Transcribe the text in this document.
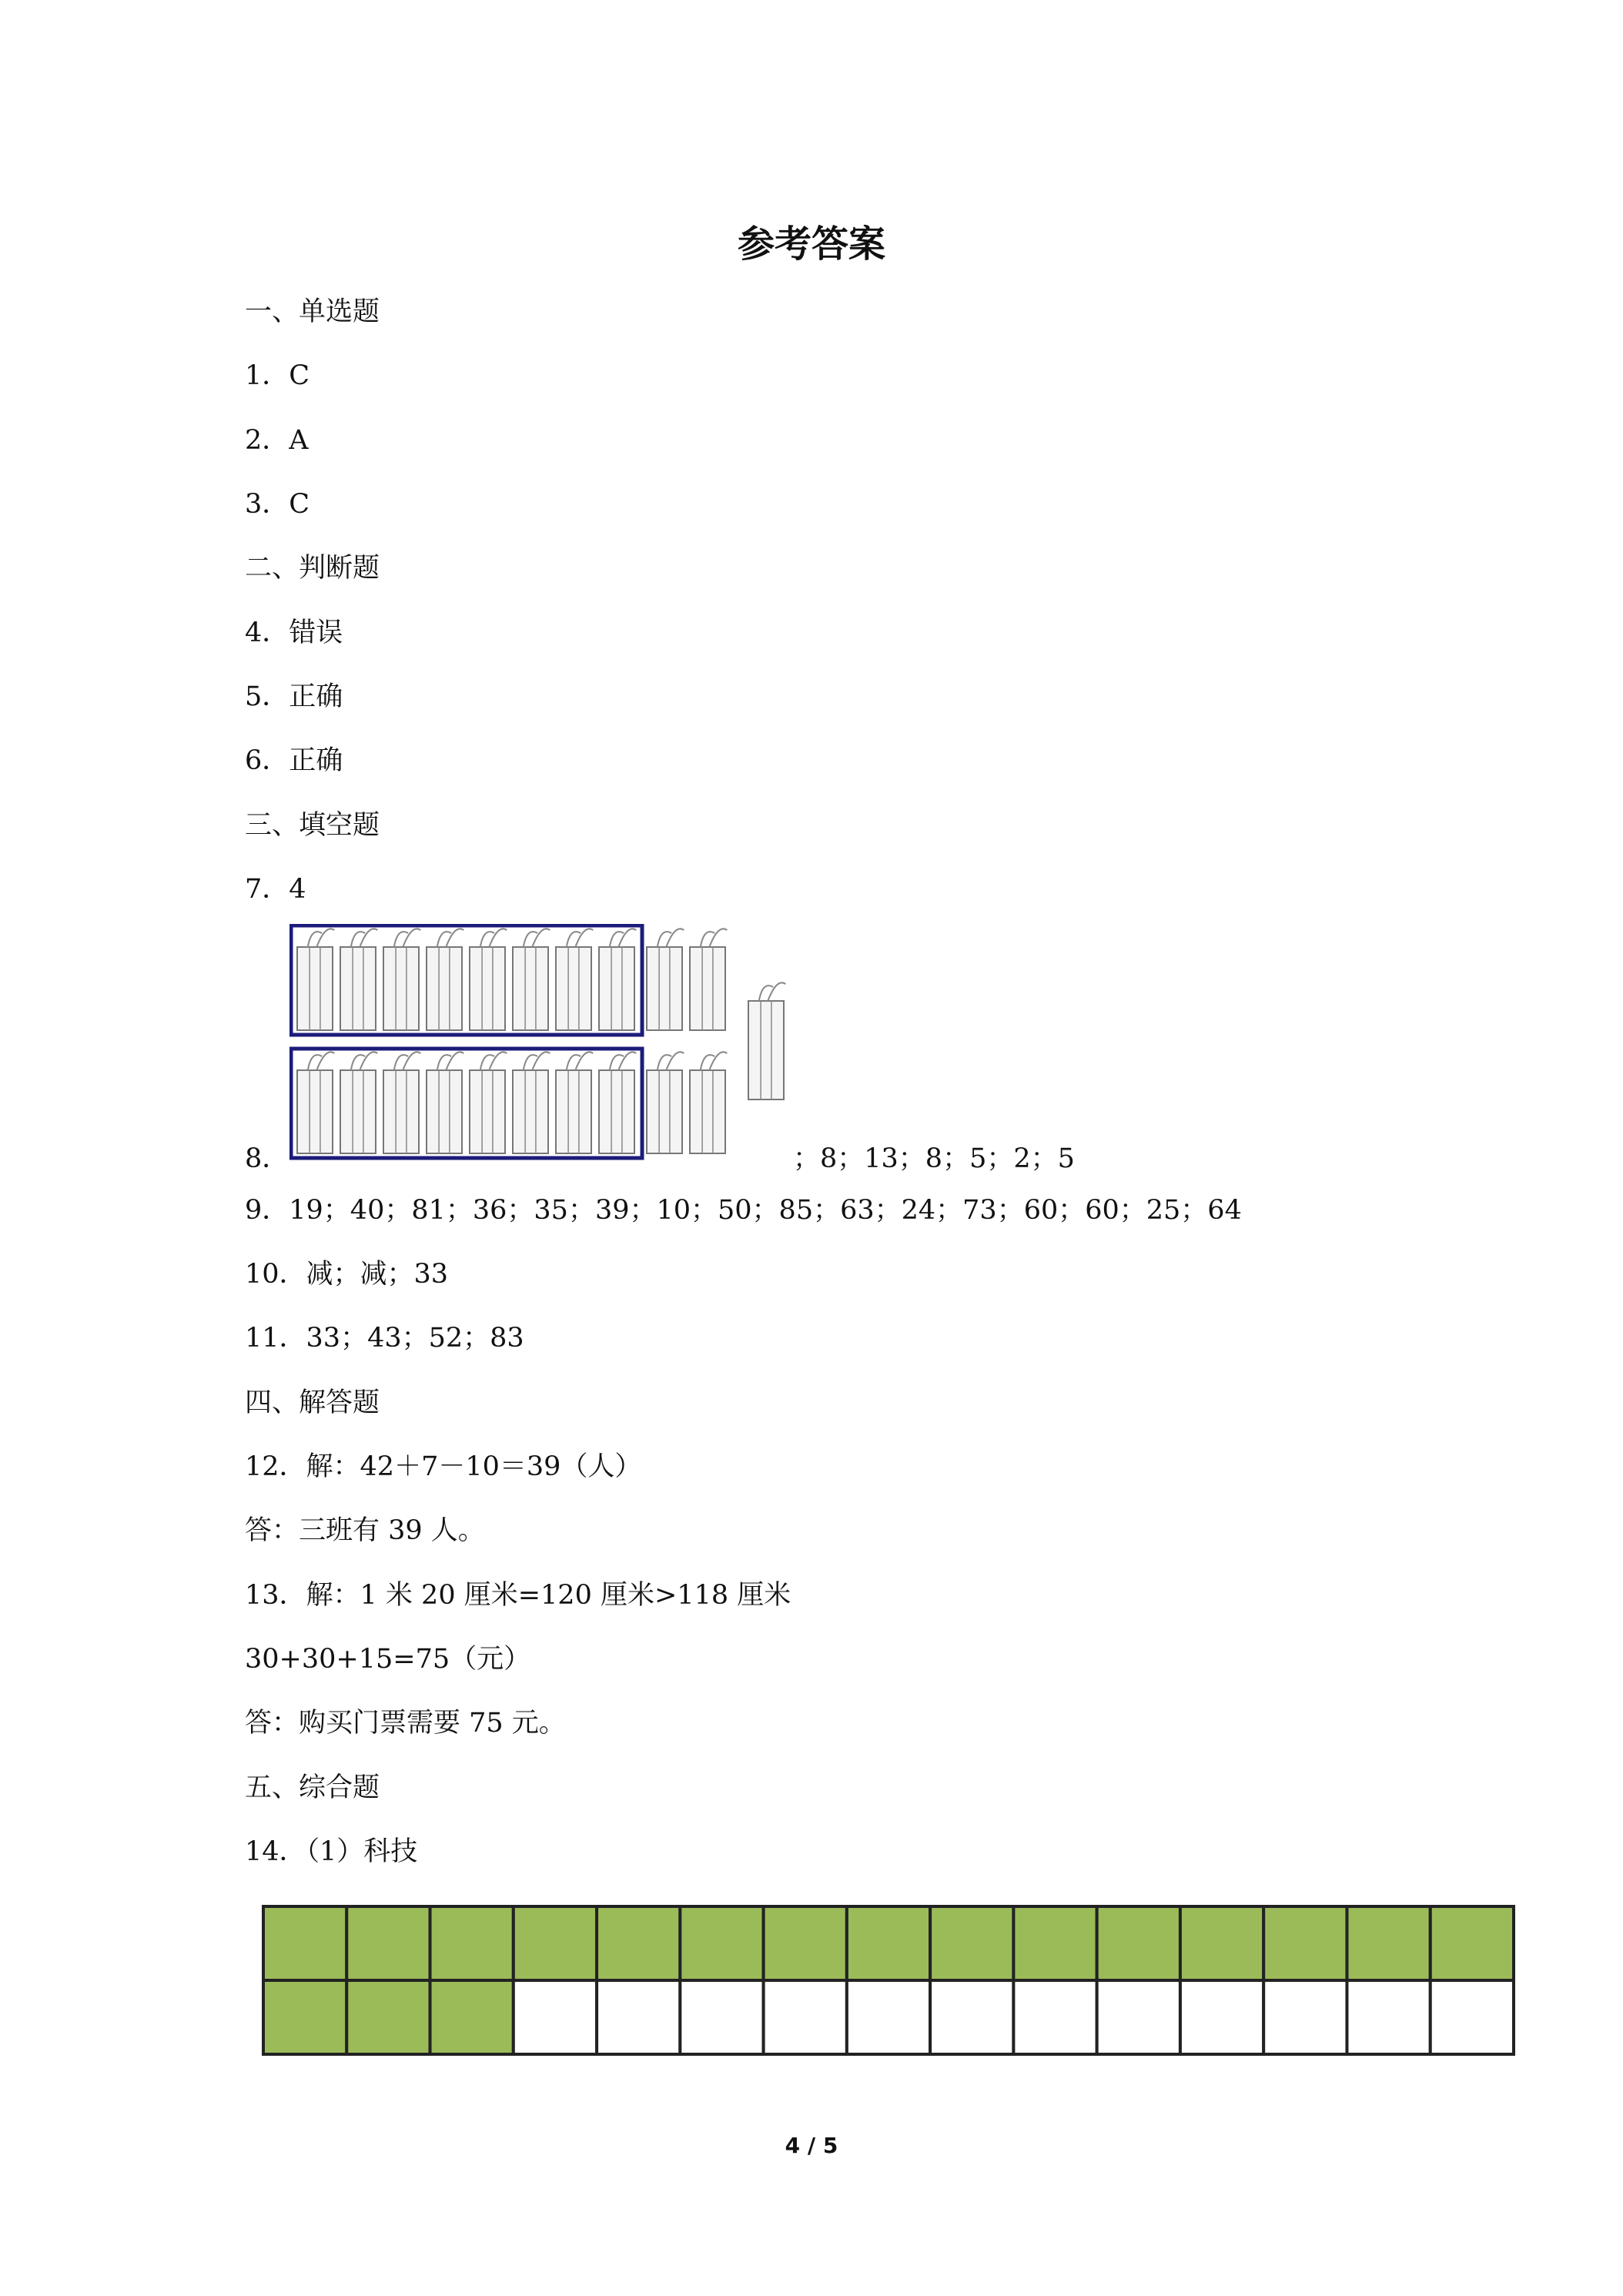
参考答案
一、单选题
1．C
2．A
3．C
二、判断题
4．错误
5．正确
6．正确
三、填空题
7．4
8．	；8；13；8；5；2；5
9．19；40；81；36；35；39；10；50；85；63；24；73；60；60；25；64
10．减；减；33
11．33；43；52；83
四、解答题
12．解：42＋7－10＝39（人）
答：三班有 39 人。
13．解：1 米 20 厘米=120 厘米>118 厘米
30+30+15=75（元）
答：购买门票需要 75 元。
五、综合题
14．（1）科技
4 / 5
